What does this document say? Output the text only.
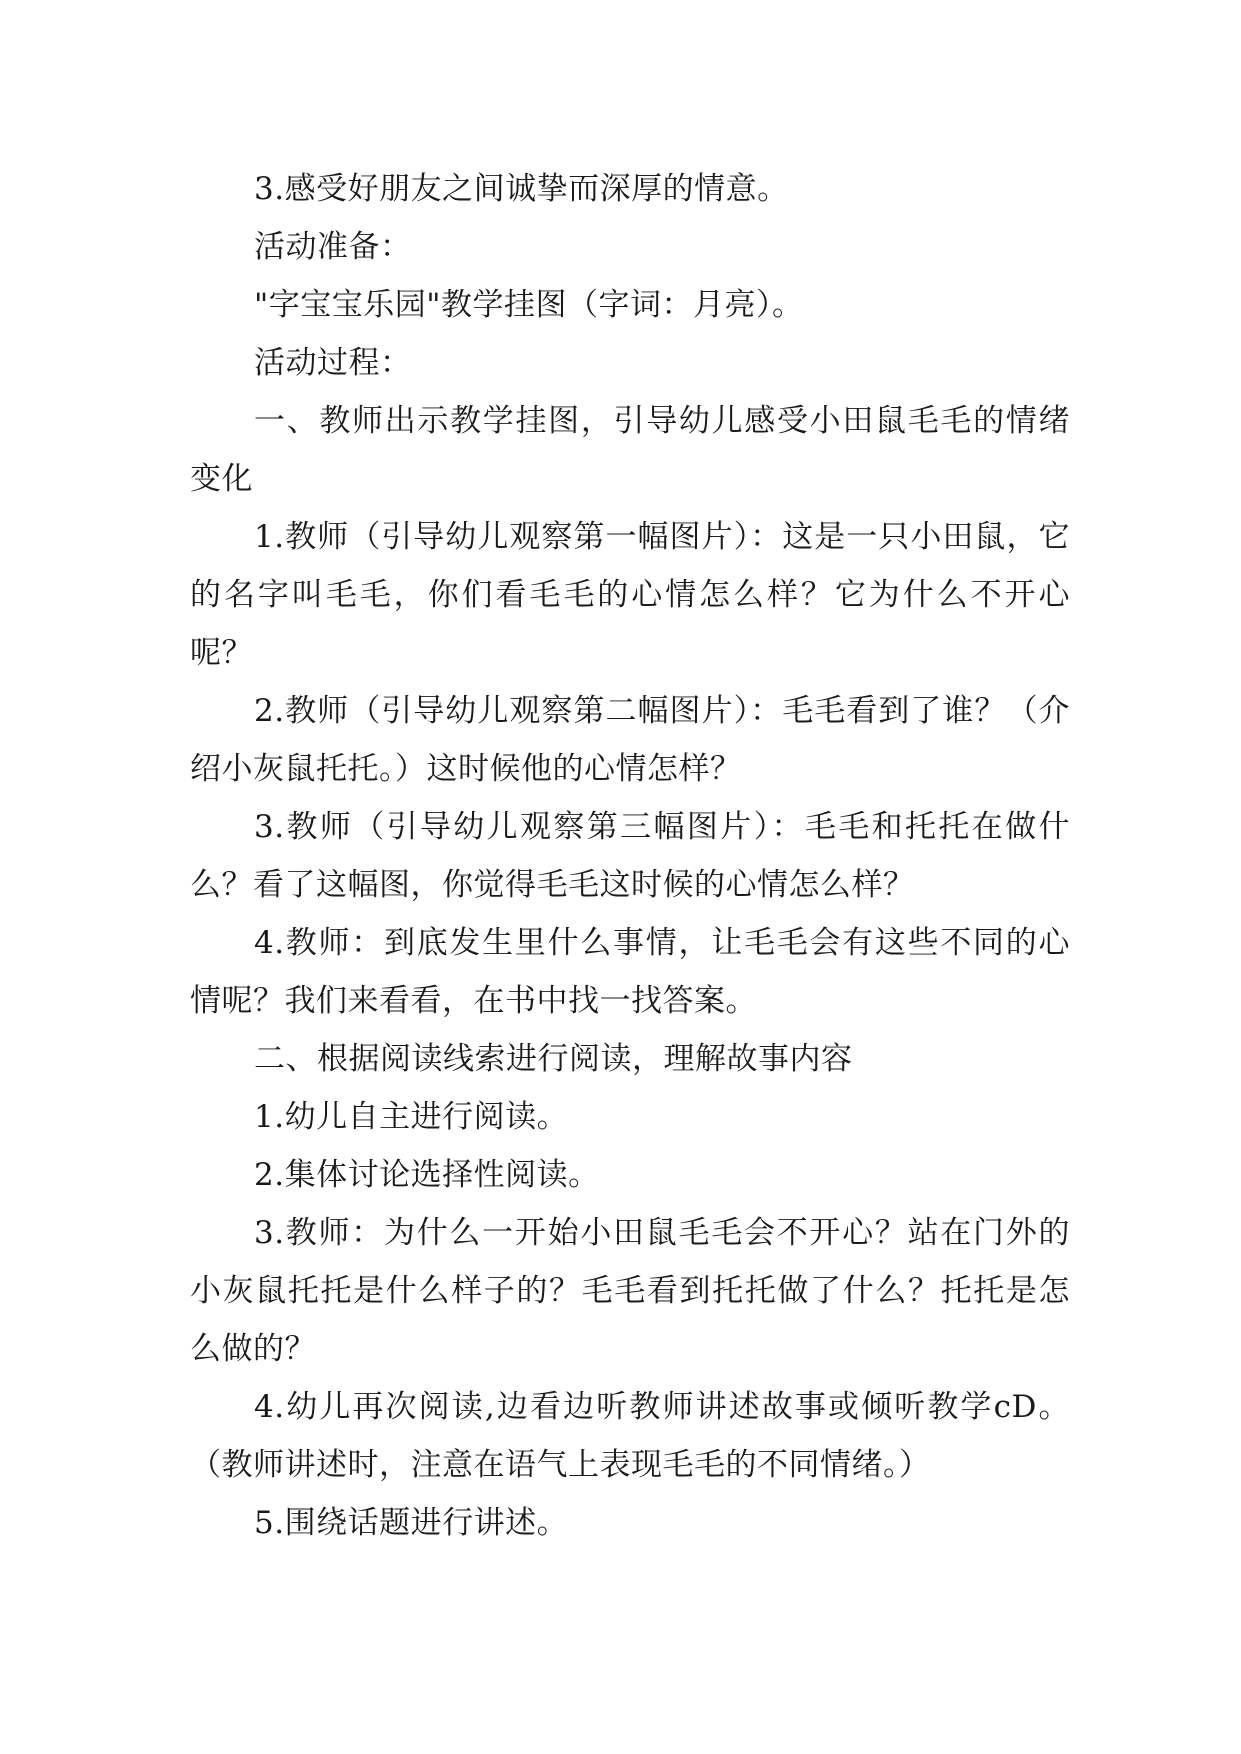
3.感受好朋友之间诚挚而深厚的情意。

活动准备：

"字宝宝乐园"教学挂图（字词：月亮）。

活动过程：

一、教师出示教学挂图，引导幼儿感受小田鼠毛毛的情绪变化

1.教师（引导幼儿观察第一幅图片）：这是一只小田鼠，它的名字叫毛毛，你们看毛毛的心情怎么样？它为什么不开心呢？

2.教师（引导幼儿观察第二幅图片）：毛毛看到了谁？（介绍小灰鼠托托。）这时候他的心情怎样？

3.教师（引导幼儿观察第三幅图片）：毛毛和托托在做什么？看了这幅图，你觉得毛毛这时候的心情怎么样？

4.教师：到底发生里什么事情，让毛毛会有这些不同的心情呢？我们来看看，在书中找一找答案。

二、根据阅读线索进行阅读，理解故事内容

1.幼儿自主进行阅读。

2.集体讨论选择性阅读。

3.教师：为什么一开始小田鼠毛毛会不开心？站在门外的小灰鼠托托是什么样子的？毛毛看到托托做了什么？托托是怎么做的？

4.幼儿再次阅读,边看边听教师讲述故事或倾听教学cD。（教师讲述时，注意在语气上表现毛毛的不同情绪。）

5.围绕话题进行讲述。
